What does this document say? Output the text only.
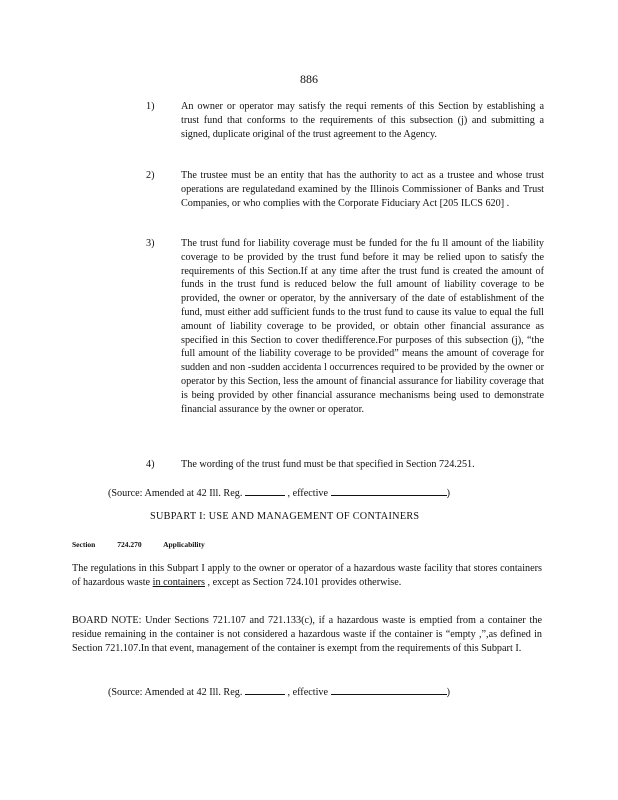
886
1)	An owner or operator may satisfy the requi rements of this Section by establishing a trust fund that conforms to the requirements of this subsection (j) and submitting a signed, duplicate original of the trust agreement to the Agency.
2)	The trustee must be an entity that has the authority to act as a trustee and whose trust operations are regulatedand examined by the Illinois Commissioner of Banks and Trust Companies, or who complies with the Corporate Fiduciary Act [205 ILCS 620] .
3)	The trust fund for liability coverage must be funded for the fu ll amount of the liability coverage to be provided by the trust fund before it may be relied upon to satisfy the requirements of this Section.If at any time after the trust fund is created the amount of funds in the trust fund is reduced below the full amount of liability coverage to be provided, the owner or operator, by the anniversary of the date of establishment of the fund, must either add sufficient funds to the trust fund to cause its value to equal the full amount of liability coverage to be provided, or obtain other financial assurance as specified in this Section to cover thedifference.For purposes of this subsection (j), “the full amount of the liability coverage to be provided” means the amount of coverage for sudden and non -sudden accidenta l occurrences required to be provided by the owner or operator by this Section, less the amount of financial assurance for liability coverage that is being provided by other financial assurance mechanisms being used to demonstrate financial assurance by the owner or operator.
4)	The wording of the trust fund must be that specified in Section 724.251.
(Source: Amended at 42 Ill. Reg.	, effective	)
SUBPART I: USE AND MANAGEMENT OF CONTAINERS
Section	724.270	Applicability
The regulations in this Subpart I apply to the owner or operator of a hazardous waste facility that stores containers of hazardous waste in containers , except as Section 724.101 provides otherwise.
BOARD NOTE: Under Sections 721.107 and 721.133(c), if a hazardous waste is emptied from a container the residue remaining in the container is not considered a hazardous waste if the container is “empty ,”,as defined in Section 721.107.In that event, management of the container is exempt from the requirements of this Subpart I.
(Source: Amended at 42 Ill. Reg.	, effective	)
